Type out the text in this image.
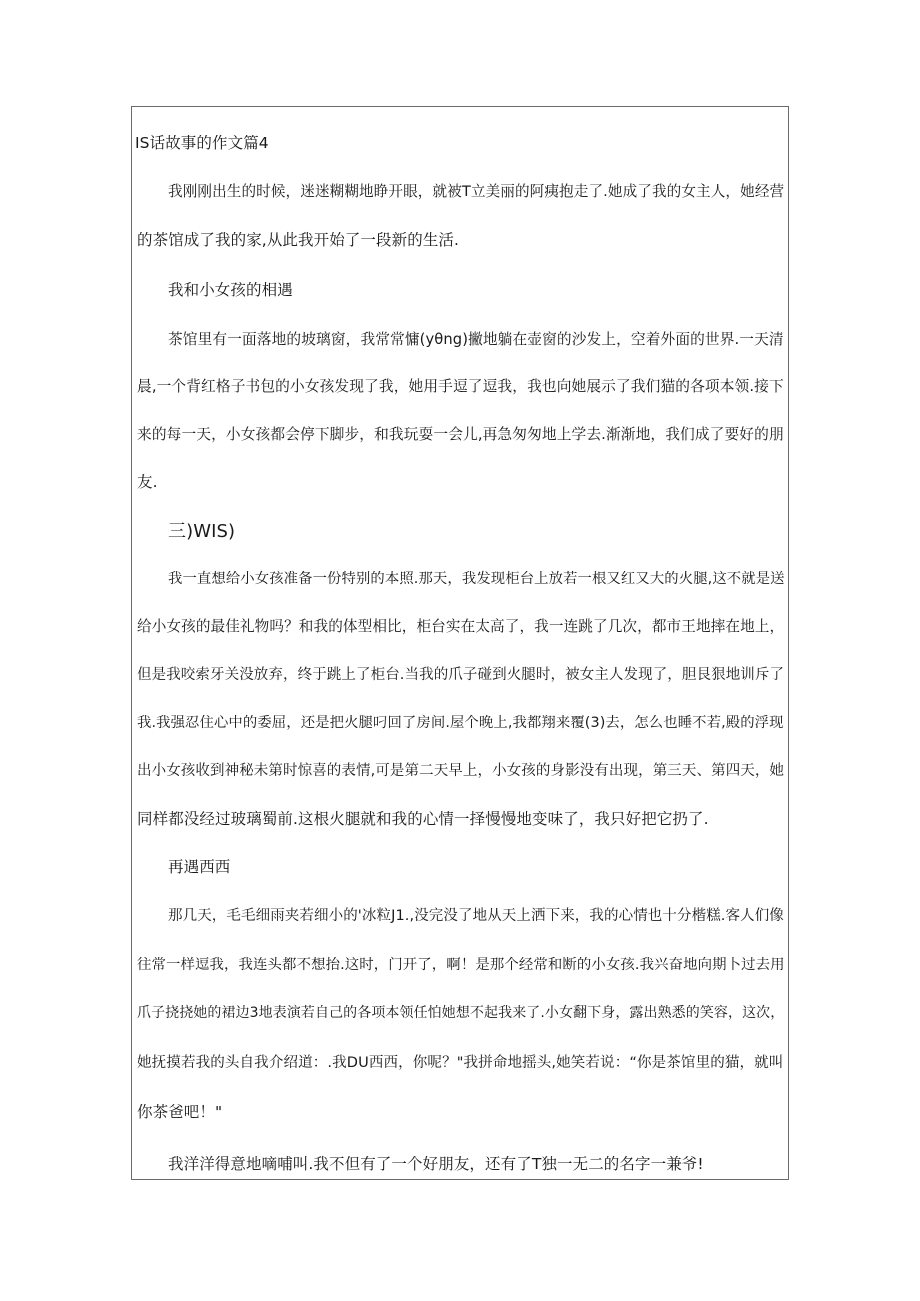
IS话故事的作文篇4
我刚刚出生的时候，迷迷糊糊地睁开眼，就被T立美丽的阿痍抱走了.她成了我的女主人，她经营
的茶馆成了我的家,从此我开始了一段新的生活.
我和小女孩的相遇
茶馆里有一面落地的坡璃窗，我常常慵(yθng)撇地躺在壶窗的沙发上，空着外面的世界.一天清
晨,一个背红格子书包的小女孩发现了我，她用手逗了逗我，我也向她展示了我们猫的各项本领.接下
来的每一天，小女孩都会停下脚步，和我玩耍一会儿,再急匆匆地上学去.渐渐地，我们成了要好的朋
友.
三)WIS)
我一直想给小女孩准备一份特别的本照.那天，我发现柜台上放若一根又红又大的火腿,这不就是送
给小女孩的最佳礼物吗？和我的体型相比，柜台实在太高了，我一连跳了几次，都市王地摔在地上，
但是我咬索牙关没放弃，终于跳上了柜台.当我的爪子碰到火腿时，被女主人发现了，胆艮狠地训斥了
我.我强忍住心中的委屈，还是把火腿叼回了房间.屋个晚上,我都翔来覆(3)去，怎么也睡不若,殿的浮现
出小女孩收到神秘未第时惊喜的表情,可是第二天早上，小女孩的身影没有出现，第三天、第四天，她
同样都没经过玻璃蜀前.这根火腿就和我的心情一择慢慢地变味了，我只好把它扔了.
再遇西西
那几天，毛毛细雨夹若细小的'冰粒J1.,没完没了地从天上洒下来，我的心情也十分楷糕.客人们像
往常一样逗我，我连头都不想抬.这时，门开了，啊！是那个经常和断的小女孩.我兴奋地向期卜过去用
爪子挠挠她的裙边3地表演若自己的各项本领任怕她想不起我来了.小女翻下身，露出熟悉的笑容，这次，
她抚摸若我的头自我介绍道：.我DU西西，你呢？"我拼命地摇头,她笑若说：“你是茶馆里的猫，就叫
你茶爸吧！"
我洋洋得意地嘀哺叫.我不但有了一个好朋友，还有了T独一无二的名字一兼爷!
